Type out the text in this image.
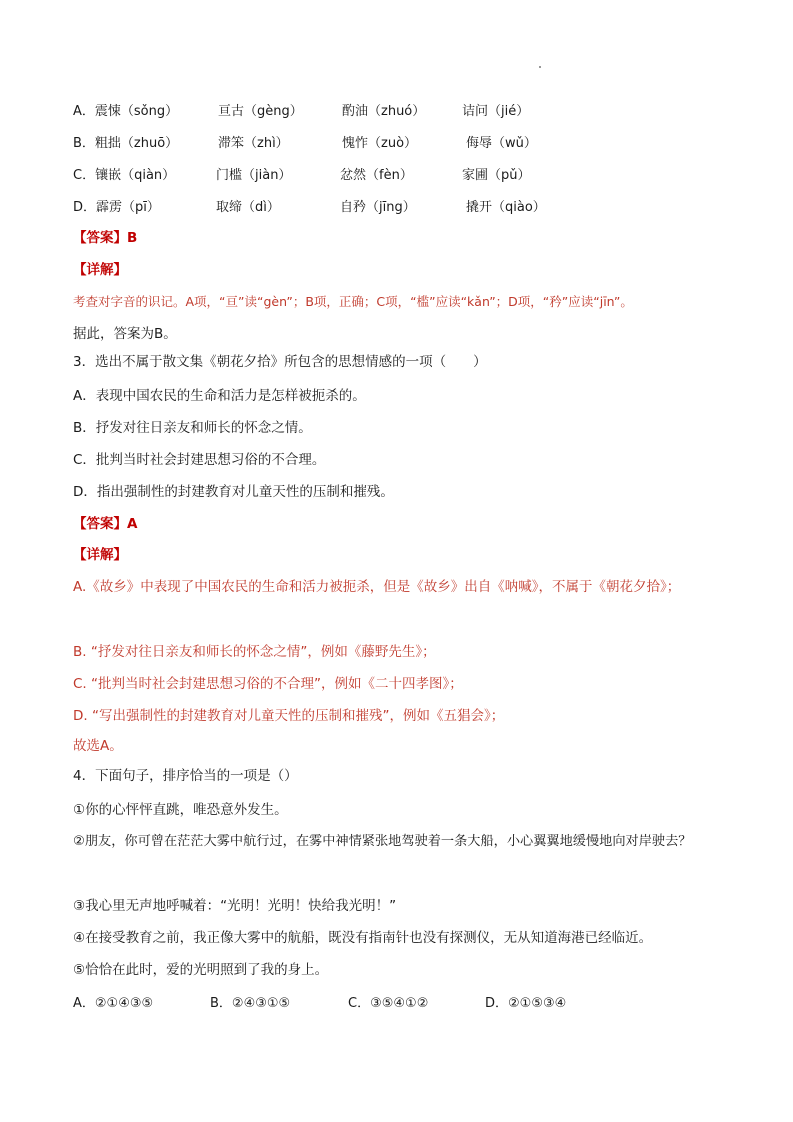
A．震悚（sǒng）	亘古（gèng）	酌油（zhuó）	诘问（jié）
B．粗拙（zhuō）	滞笨（zhì）	愧怍（zuò）	侮辱（wǔ）
C．镶嵌（qiàn）	门槛（jiàn）	忿然（fèn）	家圃（pǔ）
D．霹雳（pī）	取缔（dì）	自矜（jīng）	撬开（qiào）
【答案】B
【详解】
考查对字音的识记。A项，“亘”读“gèn”；B项，正确；C项，“槛”应读“kǎn”；D项，“矜”应读“jīn”。
据此，答案为B。
3．选出不属于散文集《朝花夕拾》所包含的思想情感的一项（　　）
A．表现中国农民的生命和活力是怎样被扼杀的。
B．抒发对往日亲友和师长的怀念之情。
C．批判当时社会封建思想习俗的不合理。
D．指出强制性的封建教育对儿童天性的压制和摧残。
【答案】A
【详解】
A.《故乡》中表现了中国农民的生命和活力被扼杀，但是《故乡》出自《呐喊》，不属于《朝花夕拾》；
B. “抒发对往日亲友和师长的怀念之情”，例如《藤野先生》；
C. “批判当时社会封建思想习俗的不合理”，例如《二十四孝图》；
D. “写出强制性的封建教育对儿童天性的压制和摧残”，例如《五猖会》；
故选A。
4．下面句子，排序恰当的一项是（）
①你的心怦怦直跳，唯恐意外发生。
②朋友，你可曾在茫茫大雾中航行过，在雾中神情紧张地驾驶着一条大船，小心翼翼地缓慢地向对岸驶去？
③我心里无声地呼喊着：“光明！光明！快给我光明！”
④在接受教育之前，我正像大雾中的航船，既没有指南针也没有探测仪，无从知道海港已经临近。
⑤恰恰在此时，爱的光明照到了我的身上。
A．②①④③⑤	B．②④③①⑤	C．③⑤④①②	D．②①⑤③④
